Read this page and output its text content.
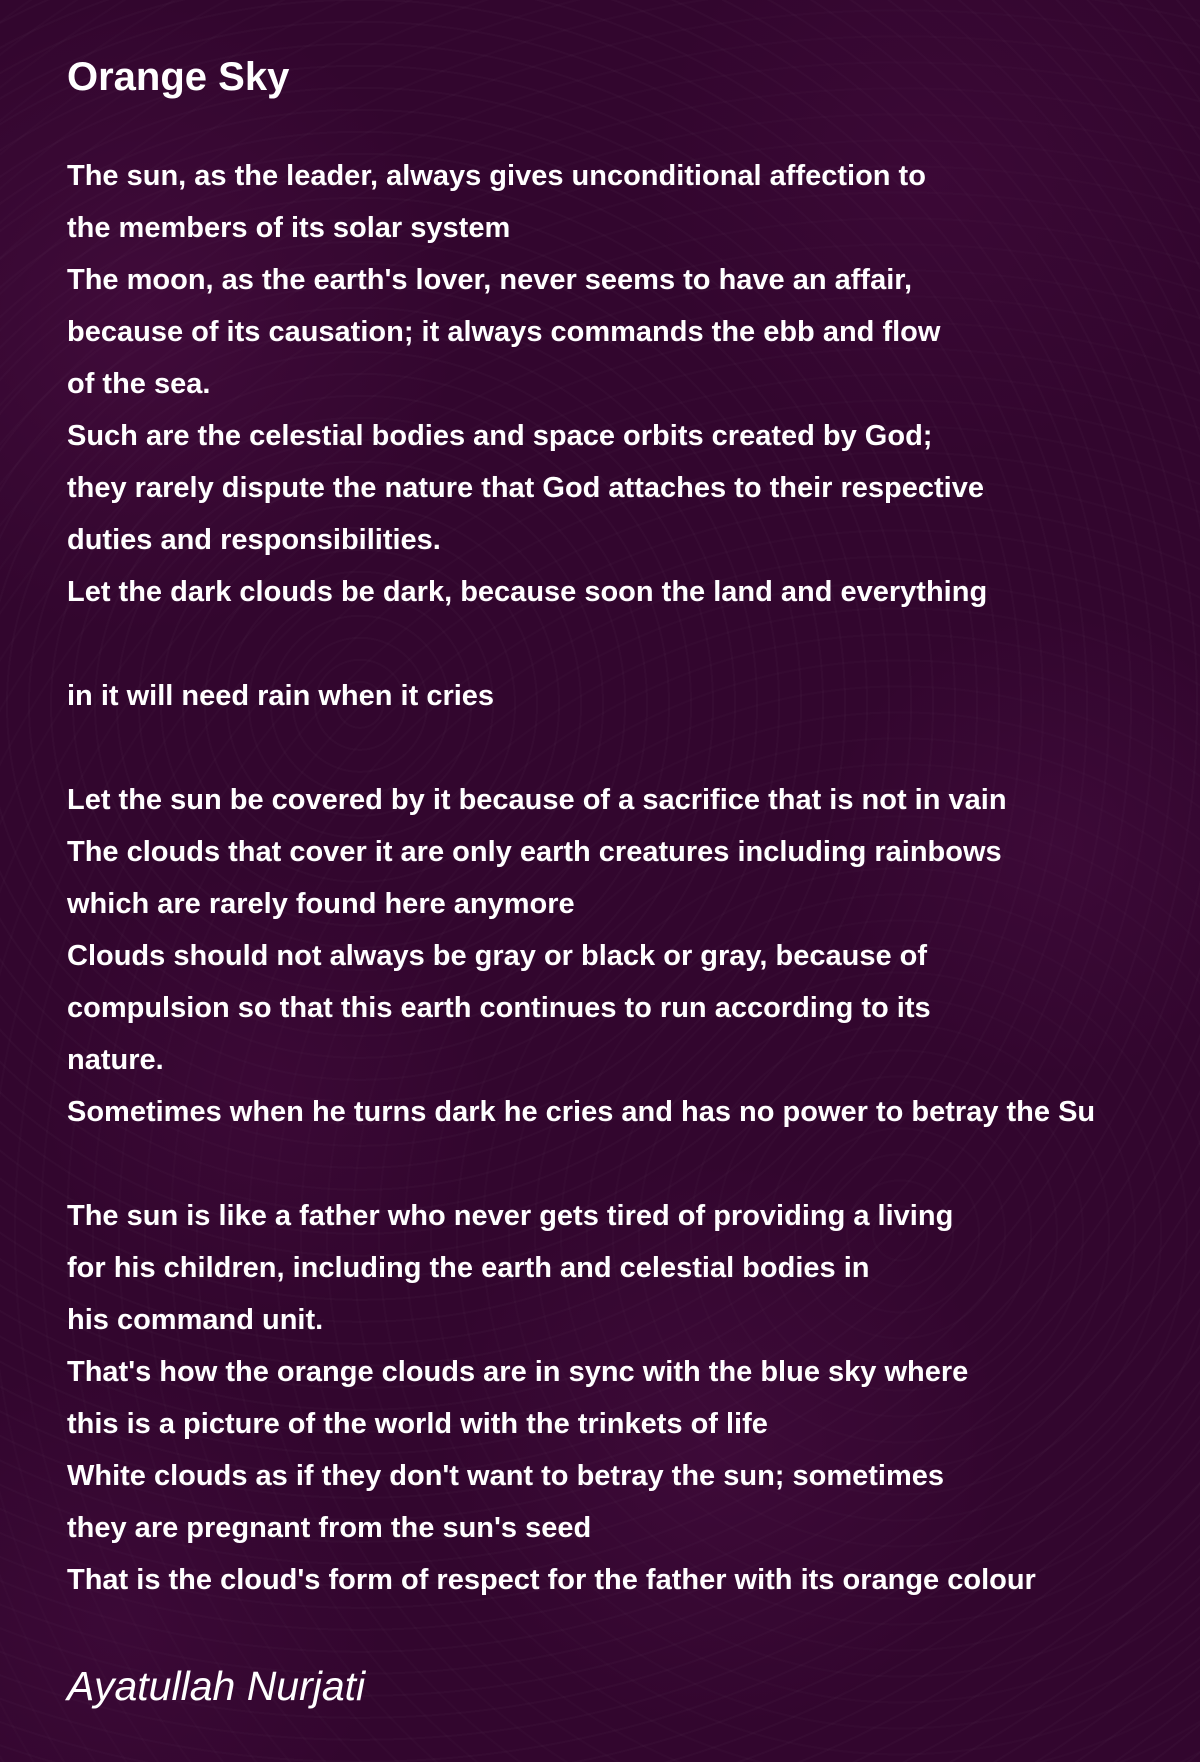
Orange Sky
The sun, as the leader, always gives unconditional affection to
the members of its solar system
The moon, as the earth's lover, never seems to have an affair,
because of its causation; it always commands the ebb and flow
of the sea.
Such are the celestial bodies and space orbits created by God;
they rarely dispute the nature that God attaches to their respective
duties and responsibilities.
Let the dark clouds be dark, because soon the land and everything
in it will need rain when it cries
Let the sun be covered by it because of a sacrifice that is not in vain
The clouds that cover it are only earth creatures including rainbows
which are rarely found here anymore
Clouds should not always be gray or black or gray, because of
compulsion so that this earth continues to run according to its
nature.
Sometimes when he turns dark he cries and has no power to betray the Su
The sun is like a father who never gets tired of providing a living
for his children, including the earth and celestial bodies in
his command unit.
That's how the orange clouds are in sync with the blue sky where
this is a picture of the world with the trinkets of life
White clouds as if they don't want to betray the sun; sometimes
they are pregnant from the sun's seed
That is the cloud's form of respect for the father with its orange colour

Ayatullah Nurjati
